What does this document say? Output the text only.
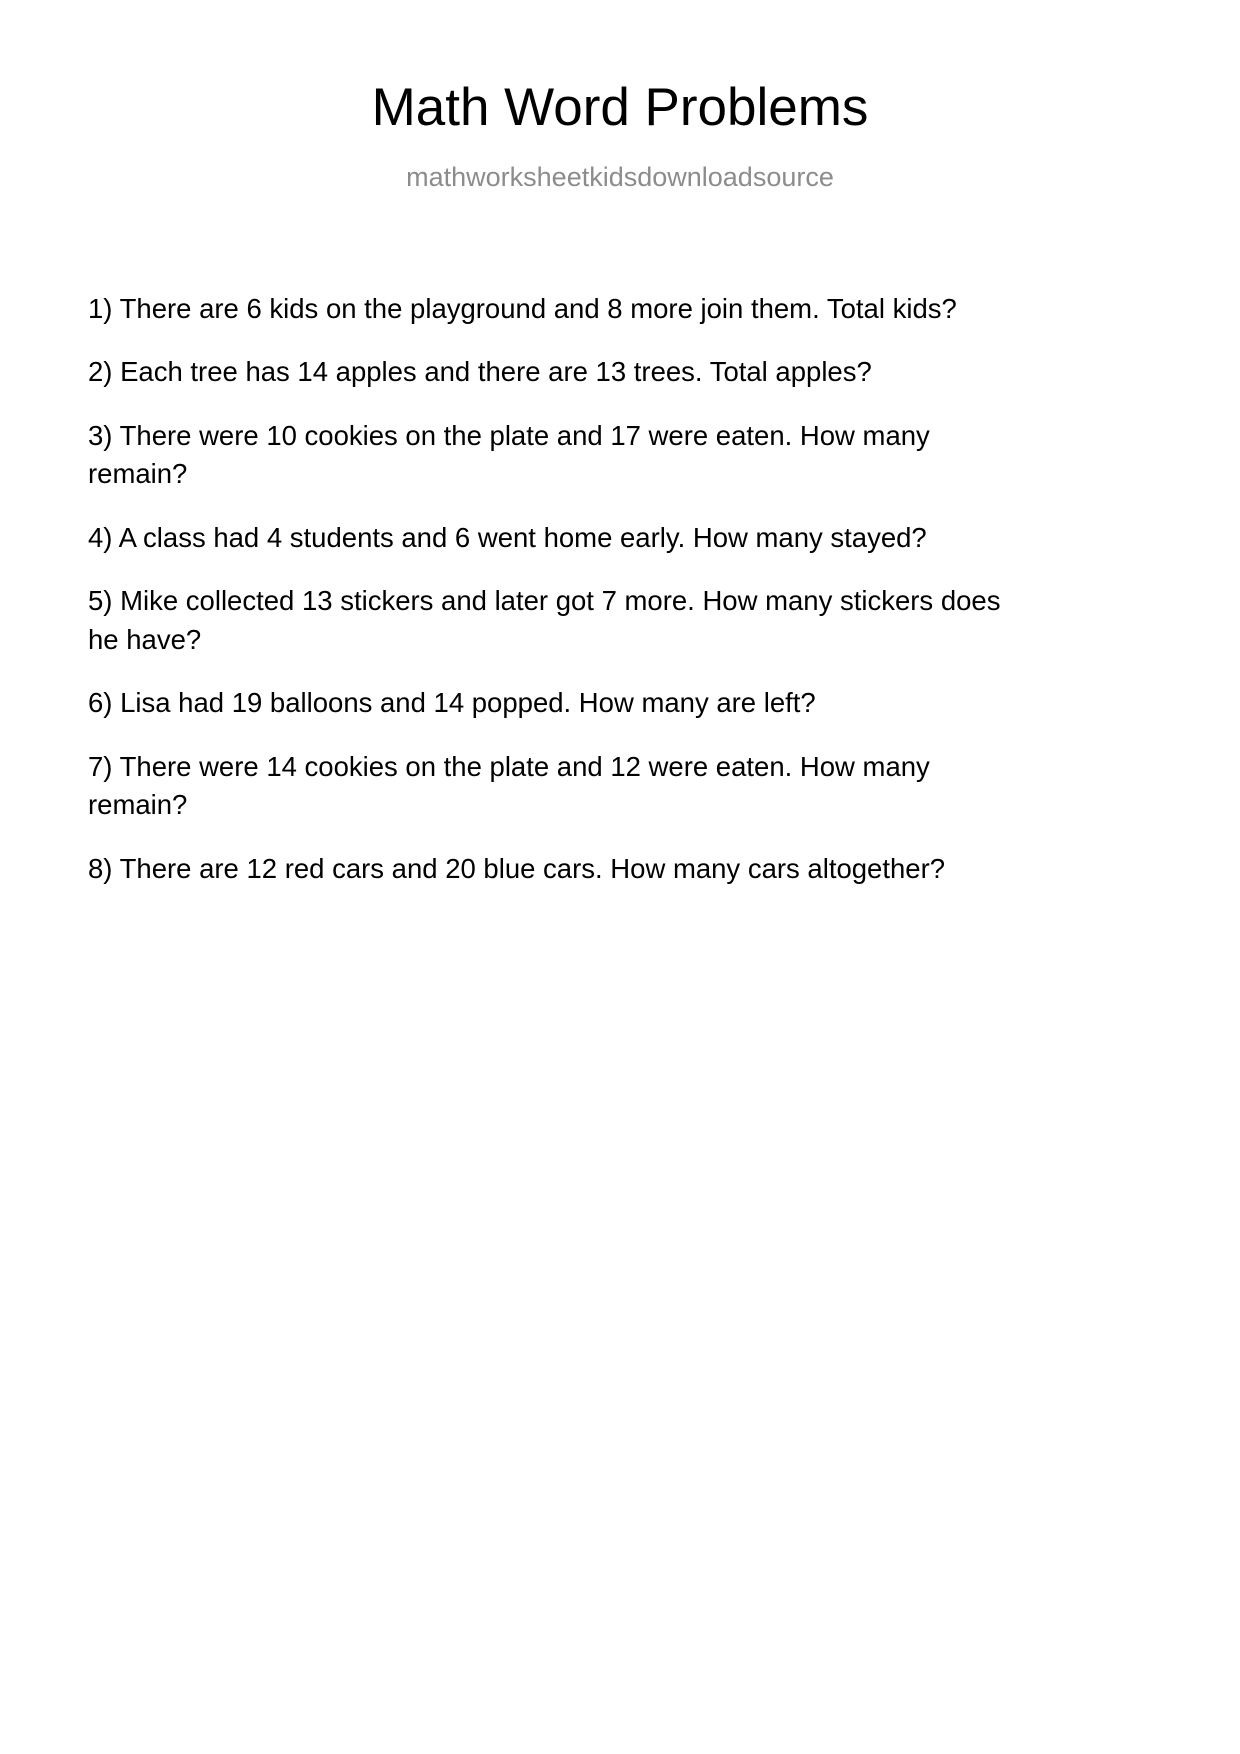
Math Word Problems
mathworksheetkidsdownloadsource

1) There are 6 kids on the playground and 8 more join them. Total kids?

2) Each tree has 14 apples and there are 13 trees. Total apples?

3) There were 10 cookies on the plate and 17 were eaten. How many remain?

4) A class had 4 students and 6 went home early. How many stayed?

5) Mike collected 13 stickers and later got 7 more. How many stickers does he have?

6) Lisa had 19 balloons and 14 popped. How many are left?

7) There were 14 cookies on the plate and 12 were eaten. How many remain?

8) There are 12 red cars and 20 blue cars. How many cars altogether?
